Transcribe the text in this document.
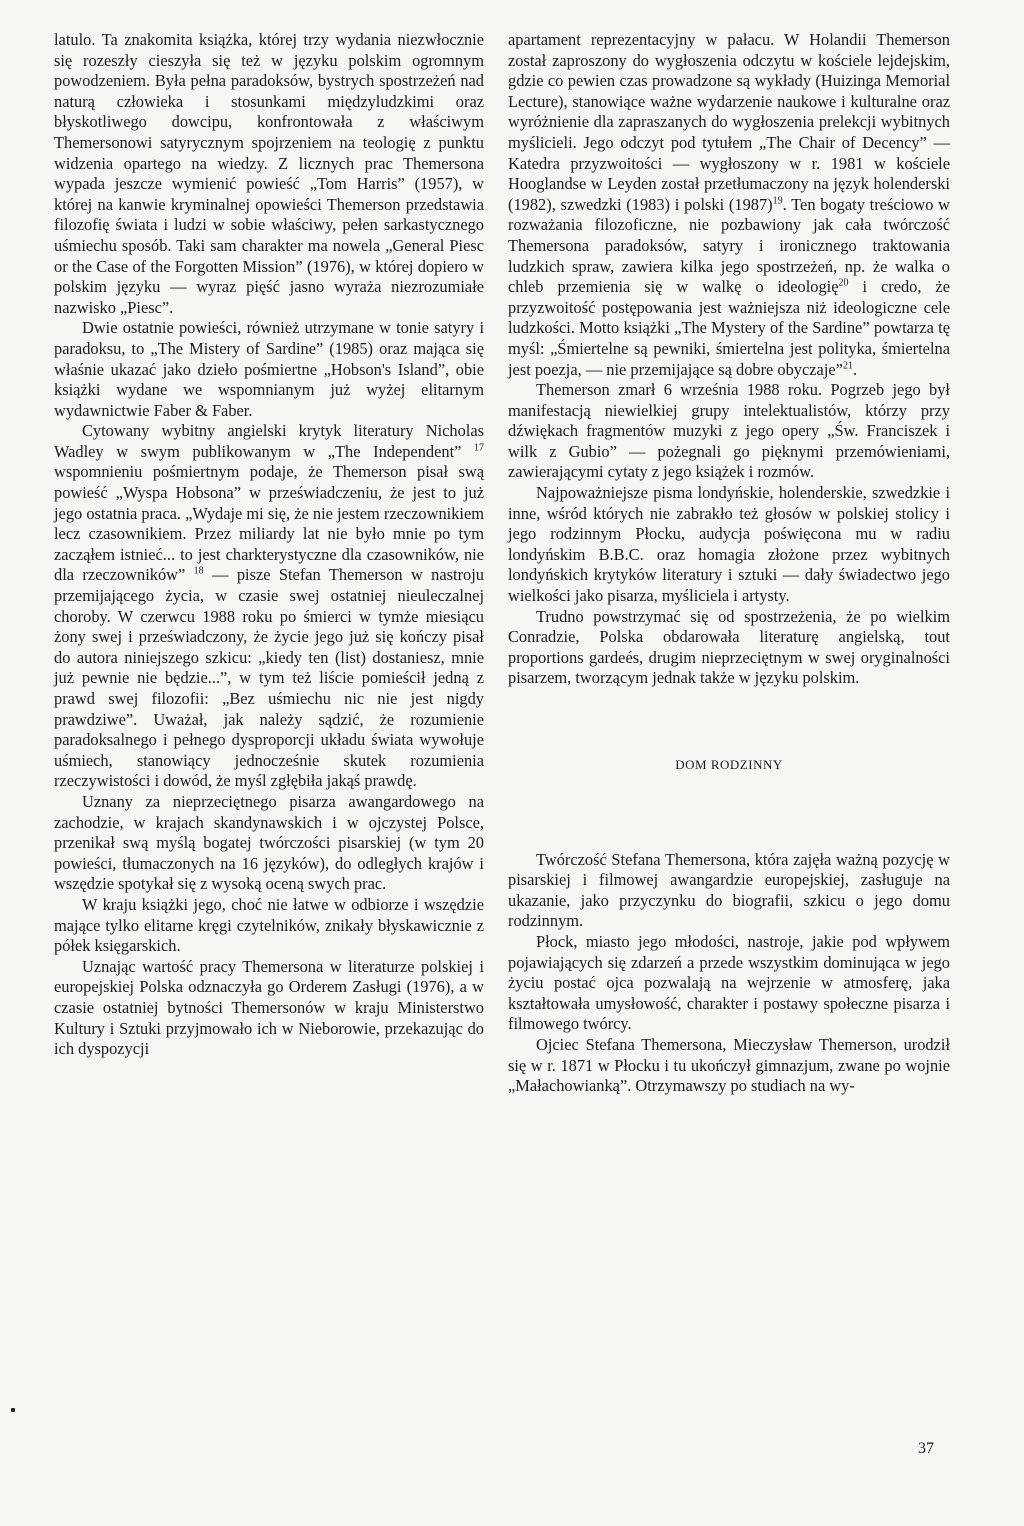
latulo. Ta znakomita książka, której trzy wydania niezwłocznie się rozeszły cieszyła się też w języku polskim ogromnym powodzeniem. Była pełna paradoksów, bystrych spostrzeżeń nad naturą człowieka i stosunkami międzyludzkimi oraz błyskotliwego dowcipu, konfrontowała z właściwym Themersonowi satyrycznym spojrzeniem na teologię z punktu widzenia opartego na wiedzy. Z licznych prac Themersona wypada jeszcze wymienić powieść „Tom Harris” (1957), w której na kanwie kryminalnej opowieści Themerson przedstawia filozofię świata i ludzi w sobie właściwy, pełen sarkastycznego uśmiechu sposób. Taki sam charakter ma nowela „General Piesc or the Case of the Forgotten Mission” (1976), w której dopiero w polskim języku — wyraz pięść jasno wyraża niezrozumiałe nazwisko „Piesc”.

Dwie ostatnie powieści, również utrzymane w tonie satyry i paradoksu, to „The Mistery of Sardine” (1985) oraz mająca się właśnie ukazać jako dzieło pośmiertne „Hobson's Island”, obie książki wydane we wspomnianym już wyżej elitarnym wydawnictwie Faber & Faber.

Cytowany wybitny angielski krytyk literatury Nicholas Wadley w swym publikowanym w „The Independent” $^{17}$ wspomnieniu pośmiertnym podaje, że Themerson pisał swą powieść „Wyspa Hobsona” w przeświadczeniu, że jest to już jego ostatnia praca. „Wydaje mi się, że nie jestem rzeczownikiem lecz czasownikiem. Przez miliardy lat nie było mnie po tym zacząłem istnieć... to jest charkterystyczne dla czasowników, nie dla rzeczowników” $^{18}$ — pisze Stefan Themerson w nastroju przemijającego życia, w czasie swej ostatniej nieuleczalnej choroby. W czerwcu 1988 roku po śmierci w tymże miesiącu żony swej i przeświadczony, że życie jego już się kończy pisał do autora niniejszego szkicu: „kiedy ten (list) dostaniesz, mnie już pewnie nie będzie...”, w tym też liście pomieścił jedną z prawd swej filozofii: „Bez uśmiechu nic nie jest nigdy prawdziwe”. Uważał, jak należy sądzić, że rozumienie paradoksalnego i pełnego dysproporcji układu świata wywołuje uśmiech, stanowiący jednocześnie skutek rozumienia rzeczywistości i dowód, że myśl zgłębiła jakąś prawdę.

Uznany za nieprzeciętnego pisarza awangardowego na zachodzie, w krajach skandynawskich i w ojczystej Polsce, przenikał swą myślą bogatej twórczości pisarskiej (w tym 20 powieści, tłumaczonych na 16 języków), do odległych krajów i wszędzie spotykał się z wysoką oceną swych prac.

W kraju książki jego, choć nie łatwe w odbiorze i wszędzie mające tylko elitarne kręgi czytelników, znikały błyskawicznie z półek księgarskich.

Uznając wartość pracy Themersona w literaturze polskiej i europejskiej Polska odznaczyła go Orderem Zasługi (1976), a w czasie ostatniej bytności Themersonów w kraju Ministerstwo Kultury i Sztuki przyjmowało ich w Nieborowie, przekazując do ich dyspozycji

apartament reprezentacyjny w pałacu. W Holandii Themerson został zaproszony do wygłoszenia odczytu w kościele lejdejskim, gdzie co pewien czas prowadzone są wykłady (Huizinga Memorial Lecture), stanowiące ważne wydarzenie naukowe i kulturalne oraz wyróżnienie dla zapraszanych do wygłoszenia prelekcji wybitnych myślicieli. Jego odczyt pod tytułem „The Chair of Decency” — Katedra przyzwoitości — wygłoszony w r. 1981 w kościele Hooglandse w Leyden został przetłumaczony na język holenderski (1982), szwedzki (1983) i polski $(1987)^{19}$. Ten bogaty treściowo w rozważania filozoficzne, nie pozbawiony jak cała twórczość Themersona paradoksów, satyry i ironicznego traktowania ludzkich spraw, zawiera kilka jego spostrzeżeń, np. że walka o chleb przemienia się w walkę o ideologię$^{20}$ i credo, że przyzwoitość postępowania jest ważniejsza niż ideologiczne cele ludzkości. Motto książki „The Mystery of the Sardine” powtarza tę myśl: „Śmiertelne są pewniki, śmiertelna jest polityka, śmiertelna jest poezja, — nie przemijające są dobre obyczaje”$^{21}$.

Themerson zmarł 6 września 1988 roku. Pogrzeb jego był manifestacją niewielkiej grupy intelektualistów, którzy przy dźwiękach fragmentów muzyki z jego opery „Św. Franciszek i wilk z Gubio” — pożegnali go pięknymi przemówieniami, zawierającymi cytaty z jego książek i rozmów.

Najpoważniejsze pisma londyńskie, holenderskie, szwedzkie i inne, wśród których nie zabrakło też głosów w polskiej stolicy i jego rodzinnym Płocku, audycja poświęcona mu w radiu londyńskim B.B.C. oraz homagia złożone przez wybitnych londyńskich krytyków literatury i sztuki — dały świadectwo jego wielkości jako pisarza, myśliciela i artysty.

Trudno powstrzymać się od spostrzeżenia, że po wielkim Conradzie, Polska obdarowała literaturę angielską, tout proportions gardeés, drugim nieprzeciętnym w swej oryginalności pisarzem, tworzącym jednak także w języku polskim.

DOM RODZINNY

Twórczość Stefana Themersona, która zajęła ważną pozycję w pisarskiej i filmowej awangardzie europejskiej, zasługuje na ukazanie, jako przyczynku do biografii, szkicu o jego domu rodzinnym.

Płock, miasto jego młodości, nastroje, jakie pod wpływem pojawiających się zdarzeń a przede wszystkim dominująca w jego życiu postać ojca pozwalają na wejrzenie w atmosferę, jaka kształtowała umysłowość, charakter i postawy społeczne pisarza i filmowego twórcy.

Ojciec Stefana Themersona, Mieczysław Themerson, urodził się w r. 1871 w Płocku i tu ukończył gimnazjum, zwane po wojnie „Małachowianką”. Otrzymawszy po studiach na wy-

37
